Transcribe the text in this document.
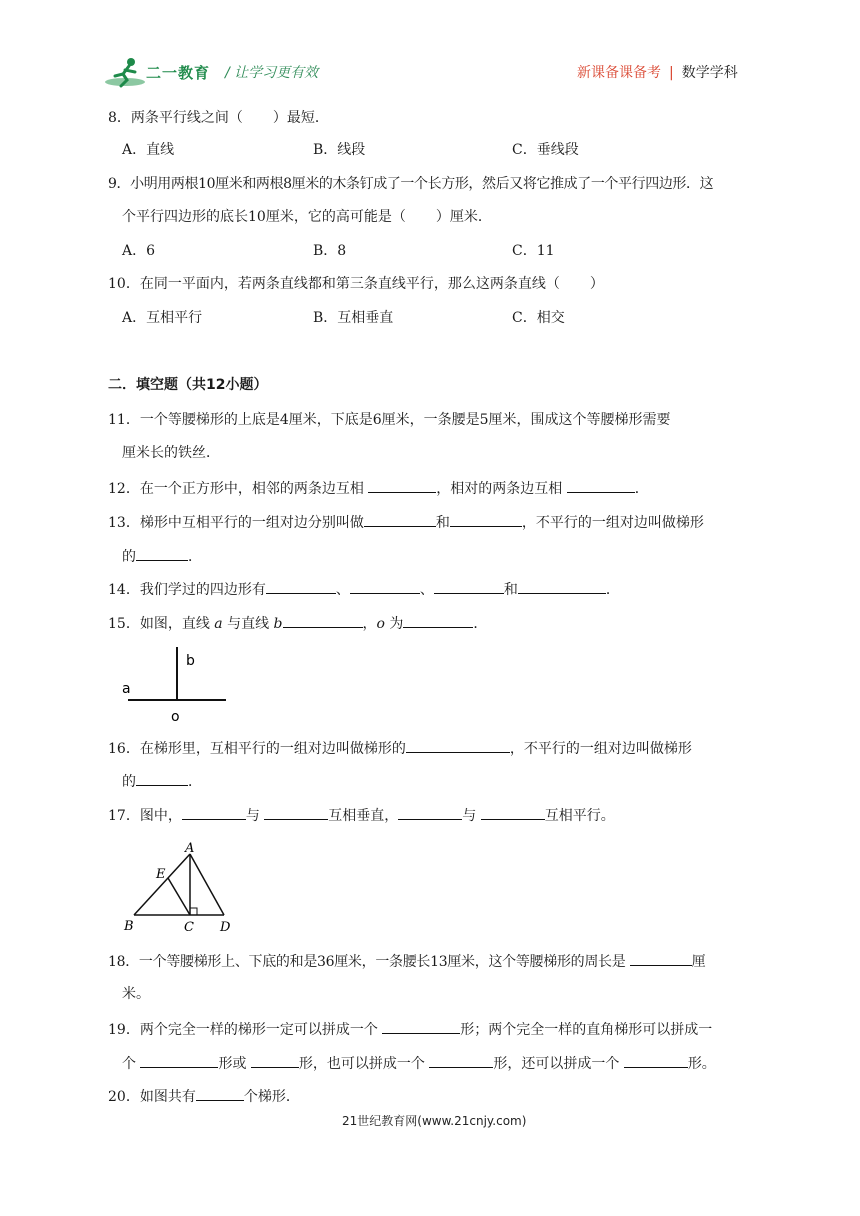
二一教育 / 让学习更有效	新课备课备考 | 数学学科
8．两条平行线之间（ ）最短．
A．直线	B．线段	C．垂线段
9．小明用两根10厘米和两根8厘米的木条钉成了一个长方形，然后又将它推成了一个平行四边形．这
个平行四边形的底长10厘米，它的高可能是（ ）厘米．
A．6	B．8	C．11
10．在同一平面内，若两条直线都和第三条直线平行，那么这两条直线（ ）
A．互相平行	B．互相垂直	C．相交
二．填空题（共12小题）
11．一个等腰梯形的上底是4厘米，下底是6厘米，一条腰是5厘米，围成这个等腰梯形需要
厘米长的铁丝．
12．在一个正方形中，相邻的两条边互相	，相对的两条边互相	．
13．梯形中互相平行的一组对边分别叫做	和	，不平行的一组对边叫做梯形
的	．
14．我们学过的四边形有	、	、	和	．
15．如图，直线 a 与直线 b	，o 为	．
a
b
o
16．在梯形里，互相平行的一组对边叫做梯形的	，不平行的一组对边叫做梯形
的	．
17．图中，	与	互相垂直，	与	互相平行。
A
B	C D
E
18．一个等腰梯形上、下底的和是36厘米，一条腰长13厘米，这个等腰梯形的周长是	厘
米。
19．两个完全一样的梯形一定可以拼成一个	形；两个完全一样的直角梯形可以拼成一
个	形或	形，也可以拼成一个	形，还可以拼成一个	形。
20．如图共有	个梯形．
21世纪教育网(www.21cnjy.com)
